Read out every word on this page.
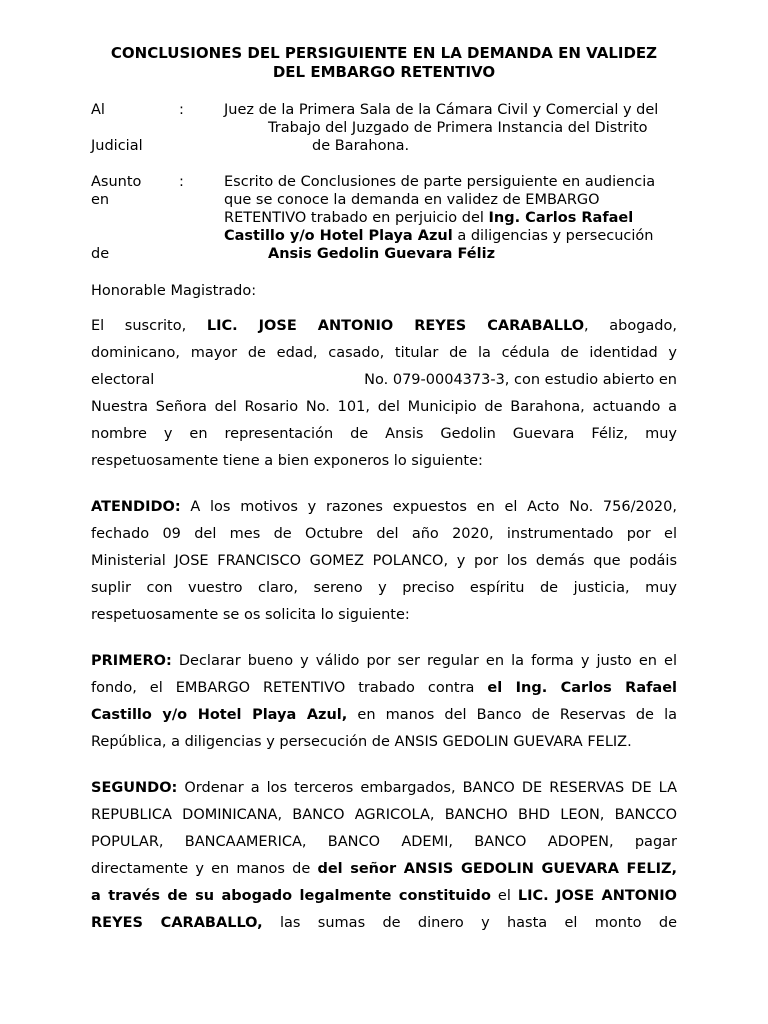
CONCLUSIONES DEL PERSIGUIENTE EN LA DEMANDA EN VALIDEZ
DEL EMBARGO RETENTIVO
Al	:	Juez de la Primera Sala de la Cámara Civil y Comercial y del
Trabajo del Juzgado de Primera Instancia del Distrito
Judicial	de Barahona.
Asunto	:	Escrito de Conclusiones de parte persiguiente en audiencia
en	que se conoce la demanda en validez de EMBARGO
RETENTIVO trabado en perjuicio del Ing. Carlos Rafael
Castillo y/o Hotel Playa Azul a diligencias y persecución
de	Ansis Gedolin Guevara Féliz
Honorable Magistrado:
El suscrito, LIC. JOSE ANTONIO REYES CARABALLO, abogado,
dominicano, mayor de edad, casado, titular de la cédula de identidad y
electoral	No. 079-0004373-3, con estudio abierto en
Nuestra Señora del Rosario No. 101, del Municipio de Barahona, actuando a
nombre y en representación de Ansis Gedolin Guevara Féliz, muy
respetuosamente tiene a bien exponeros lo siguiente:
ATENDIDO: A los motivos y razones expuestos en el Acto No. 756/2020,
fechado 09 del mes de Octubre del año 2020, instrumentado por el
Ministerial JOSE FRANCISCO GOMEZ POLANCO, y por los demás que podáis
suplir con vuestro claro, sereno y preciso espíritu de justicia, muy
respetuosamente se os solicita lo siguiente:
PRIMERO: Declarar bueno y válido por ser regular en la forma y justo en el
fondo, el EMBARGO RETENTIVO trabado contra el Ing. Carlos Rafael
Castillo y/o Hotel Playa Azul, en manos del Banco de Reservas de la
República, a diligencias y persecución de ANSIS GEDOLIN GUEVARA FELIZ.
SEGUNDO: Ordenar a los terceros embargados, BANCO DE RESERVAS DE LA
REPUBLICA DOMINICANA, BANCO AGRICOLA, BANCHO BHD LEON, BANCCO
POPULAR, BANCAAMERICA, BANCO ADEMI, BANCO ADOPEN, pagar
directamente y en manos de del señor ANSIS GEDOLIN GUEVARA FELIZ,
a través de su abogado legalmente constituido el LIC. JOSE ANTONIO
REYES CARABALLO, las sumas de dinero y hasta el monto de
